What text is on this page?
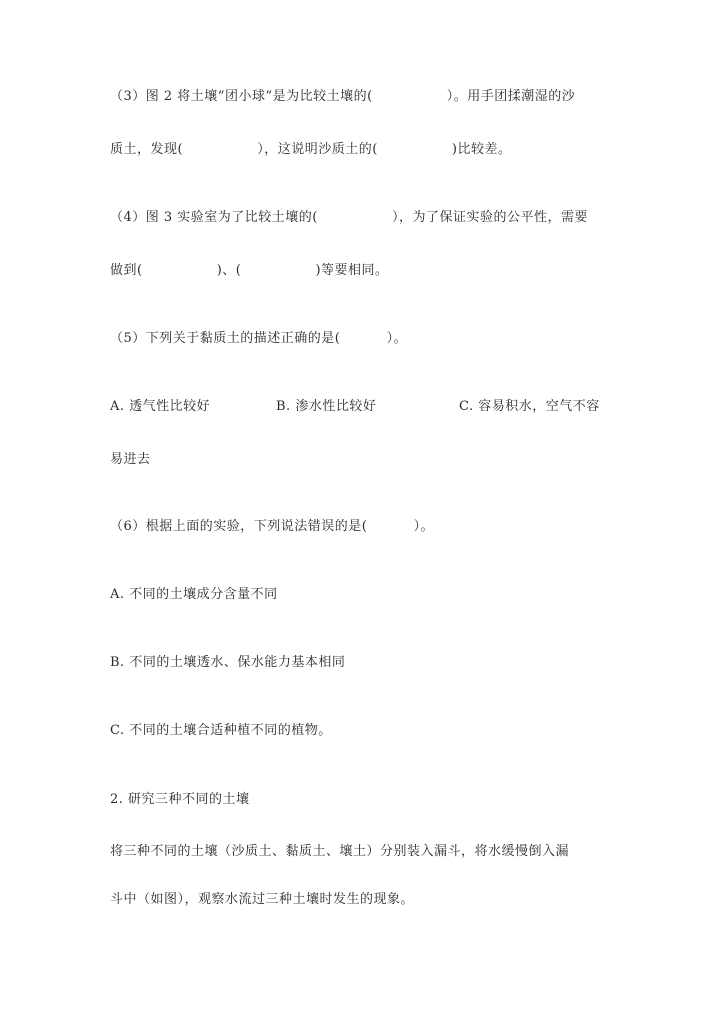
（3）图 2 将土壤“团小球”是为比较土壤的(                ）。用手团揉潮湿的沙
质土，发现(                ），这说明沙质土的(                )比较差。
（4）图 3 实验室为了比较土壤的(                ），为了保证实验的公平性，需要
做到(                )、(                )等要相同。
（5）下列关于黏质土的描述正确的是(          ）。
A. 透气性比较好	B. 渗水性比较好	C. 容易积水，空气不容
易进去
（6）根据上面的实验，下列说法错误的是(          ）。
A. 不同的土壤成分含量不同
B. 不同的土壤透水、保水能力基本相同
C. 不同的土壤合适种植不同的植物。
2. 研究三种不同的土壤
将三种不同的土壤（沙质土、黏质土、壤土）分别装入漏斗，将水缓慢倒入漏
斗中（如图），观察水流过三种土壤时发生的现象。
